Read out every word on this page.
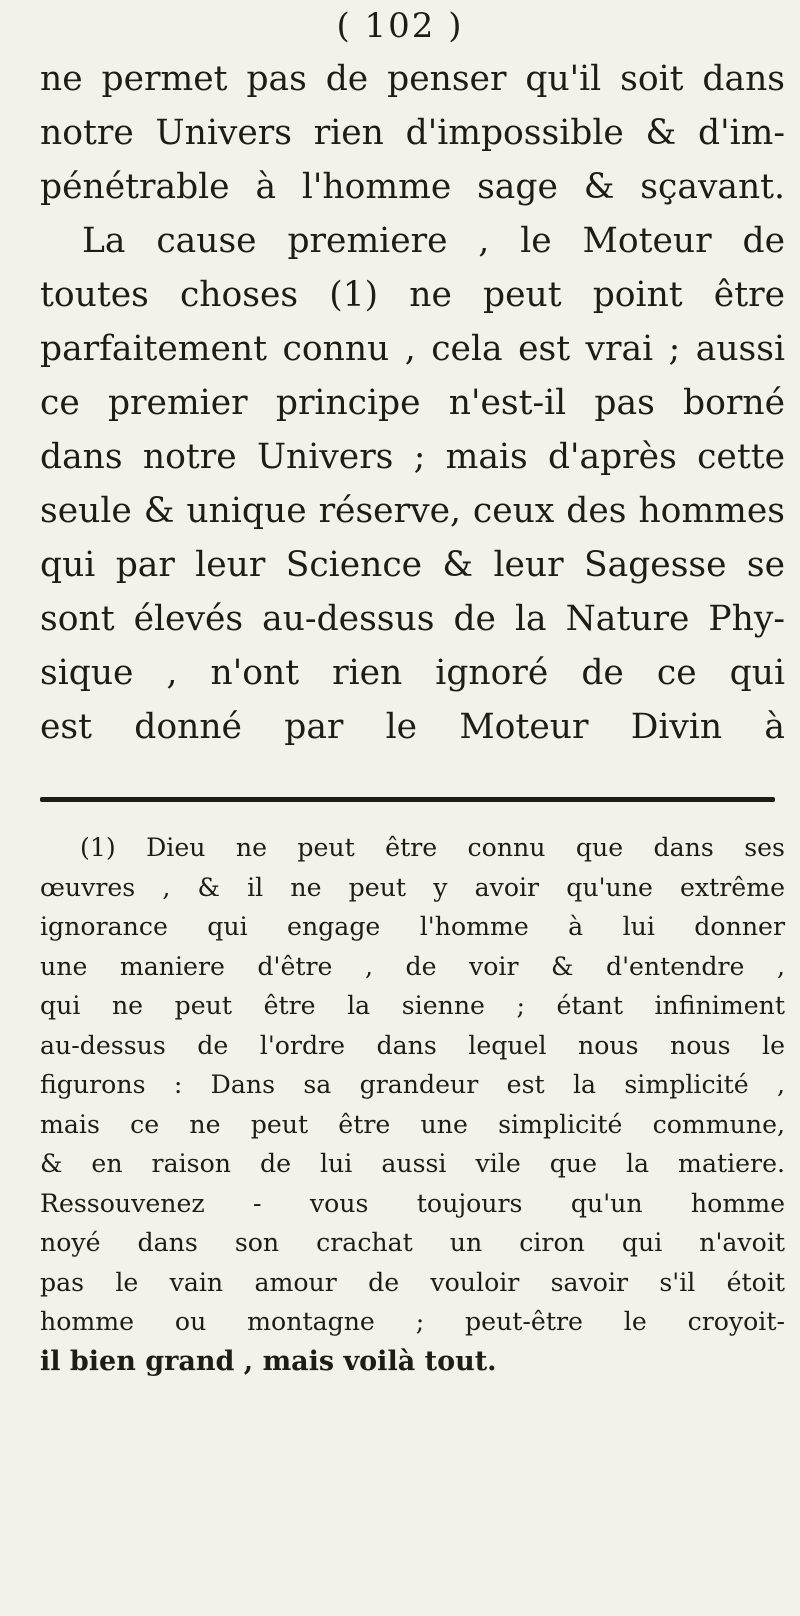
( 102 )
ne permet pas de penser qu'il soit dans
notre Univers rien d'impossible & d'im-
pénétrable à l'homme sage & sçavant.
La cause premiere , le Moteur de
toutes choses (1) ne peut point être
parfaitement connu , cela est vrai ; aussi
ce premier principe n'est-il pas borné
dans notre Univers ; mais d'après cette
seule & unique réserve, ceux des hommes
qui par leur Science & leur Sagesse se
sont élevés au-dessus de la Nature Phy-
sique , n'ont rien ignoré de ce qui
est donné par le Moteur Divin à
(1) Dieu ne peut être connu que dans ses
œuvres , & il ne peut y avoir qu'une extrême
ignorance qui engage l'homme à lui donner
une maniere d'être , de voir & d'entendre ,
qui ne peut être la sienne ; étant infiniment
au-dessus de l'ordre dans lequel nous nous le
figurons : Dans sa grandeur est la simplicité ,
mais ce ne peut être une simplicité commune,
& en raison de lui aussi vile que la matiere.
Ressouvenez - vous toujours qu'un homme
noyé dans son crachat un ciron qui n'avoit
pas le vain amour de vouloir savoir s'il étoit
homme ou montagne ; peut-être le croyoit-
il bien grand , mais voilà tout.
